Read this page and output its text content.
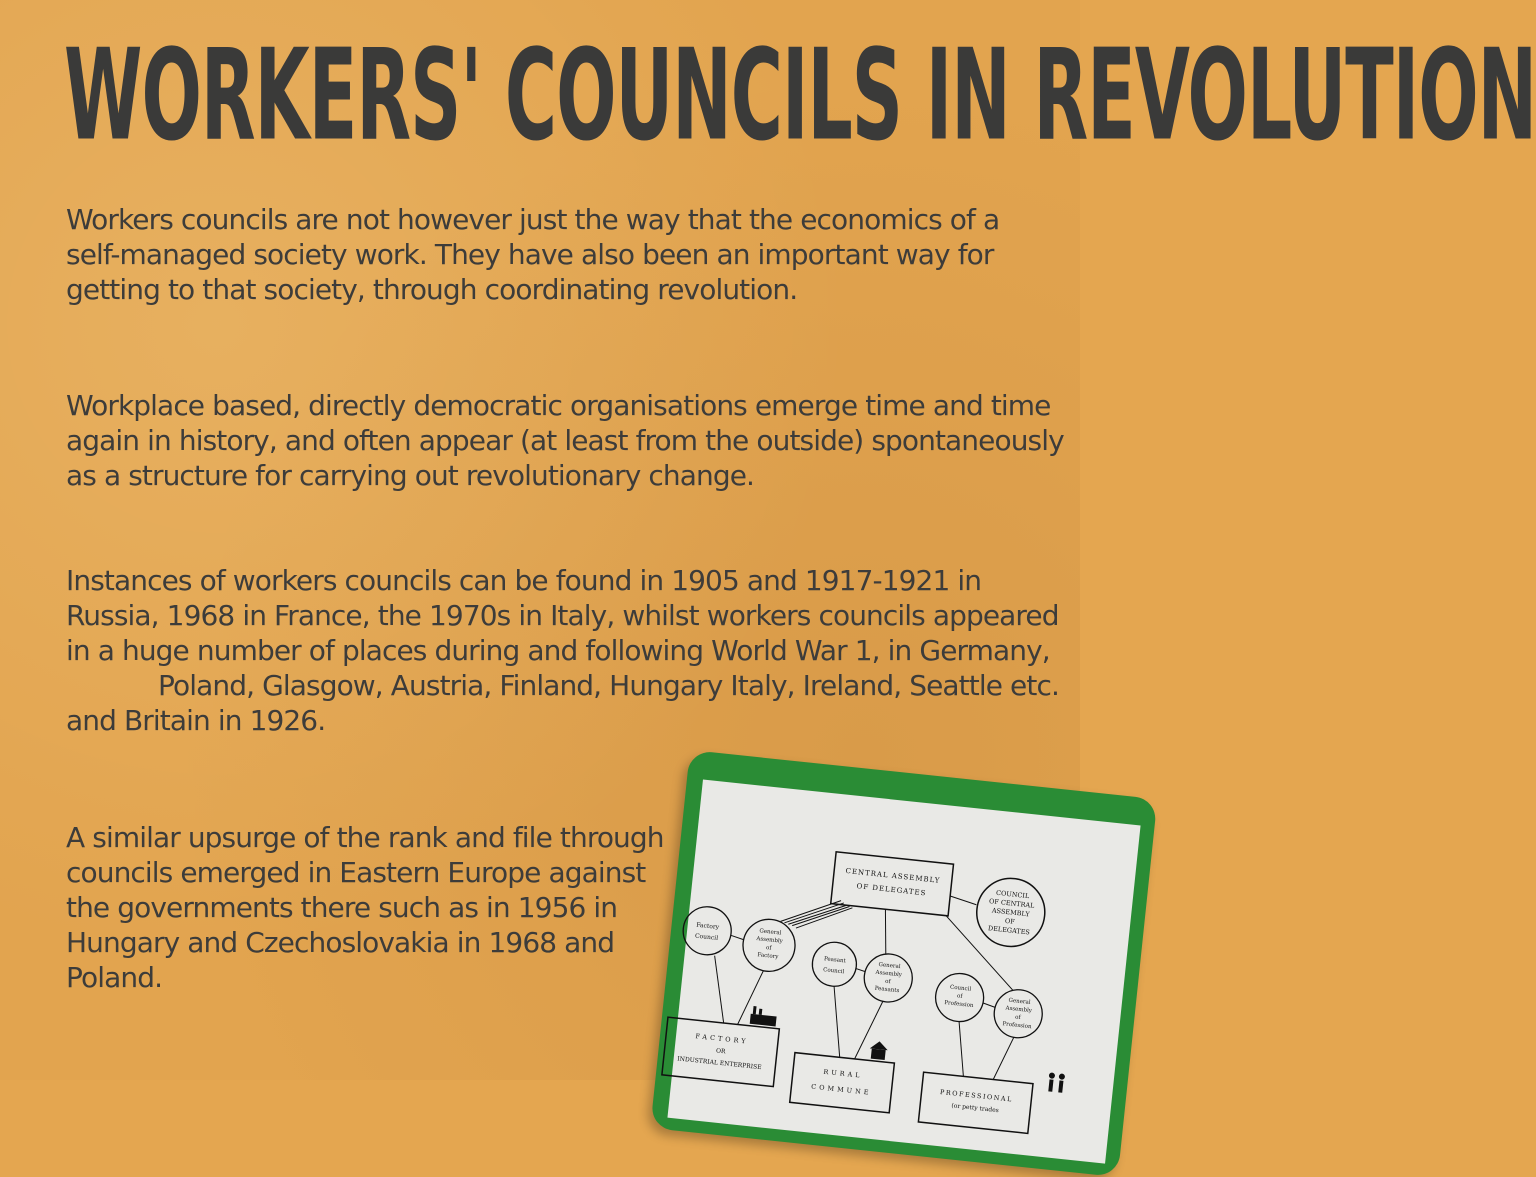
WORKERS' COUNCILS IN REVOLUTION

Workers councils are not however just the way that the economics of a self-managed society work. They have also been an important way for getting to that society, through coordinating revolution.

Workplace based, directly democratic organisations emerge time and time again in history, and often appear (at least from the outside) spontaneously as a structure for carrying out revolutionary change.

Instances of workers councils can be found in 1905 and 1917-1921 in Russia, 1968 in France, the 1970s in Italy, whilst workers councils appeared in a huge number of places during and following World War 1, in Germany, Poland, Glasgow, Austria, Finland, Hungary Italy, Ireland, Seattle etc. and Britain in 1926.

A similar upsurge of the rank and file through councils emerged in Eastern Europe against the governments there such as in 1956 in Hungary and Czechoslovakia in 1968 and Poland.

CENTRAL ASSEMBLY
OF DELEGATES	COUNCIL
OF CENTRAL
ASSEMBLY
OF
DELEGATES
Factory
Council
General
Assembly
of
Factory	Peasant
Council
General
Assembly
of
Peasants	Council
of
Profession	General
Assembly
of
Profession
FACTORY
OR
INDUSTRIAL ENTERPRISE
RURAL
COMMUNE	PROFESSIONAL
(or petty trades
